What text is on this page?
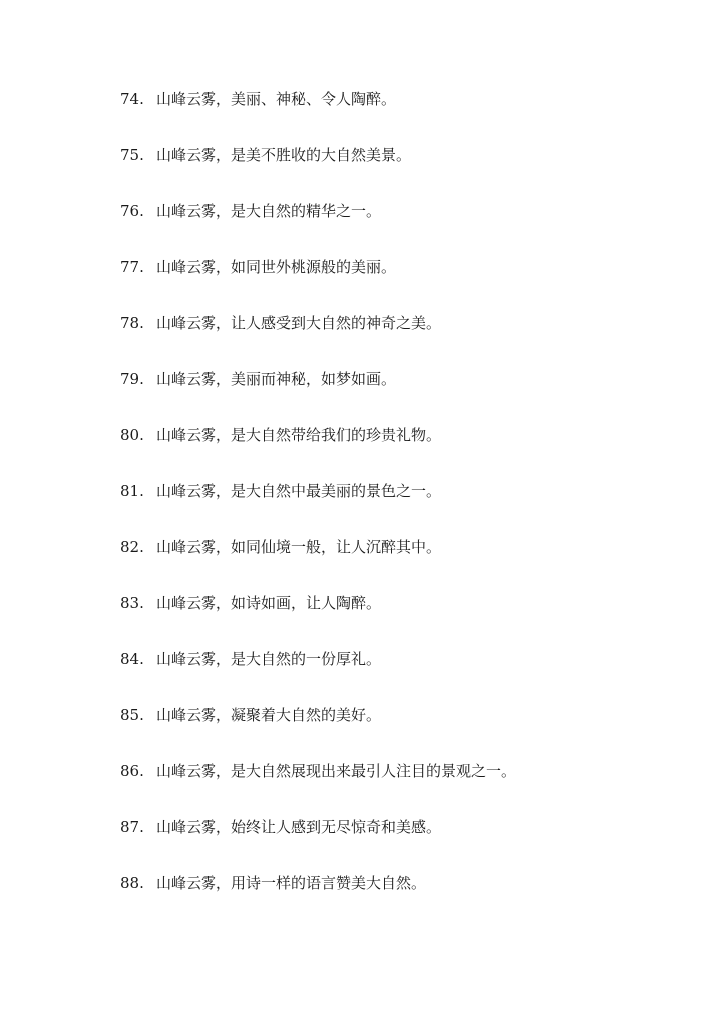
74. 山峰云雾，美丽、神秘、令人陶醉。
75. 山峰云雾，是美不胜收的大自然美景。
76. 山峰云雾，是大自然的精华之一。
77. 山峰云雾，如同世外桃源般的美丽。
78. 山峰云雾，让人感受到大自然的神奇之美。
79. 山峰云雾，美丽而神秘，如梦如画。
80. 山峰云雾，是大自然带给我们的珍贵礼物。
81. 山峰云雾，是大自然中最美丽的景色之一。
82. 山峰云雾，如同仙境一般，让人沉醉其中。
83. 山峰云雾，如诗如画，让人陶醉。
84. 山峰云雾，是大自然的一份厚礼。
85. 山峰云雾，凝聚着大自然的美好。
86. 山峰云雾，是大自然展现出来最引人注目的景观之一。
87. 山峰云雾，始终让人感到无尽惊奇和美感。
88. 山峰云雾，用诗一样的语言赞美大自然。
